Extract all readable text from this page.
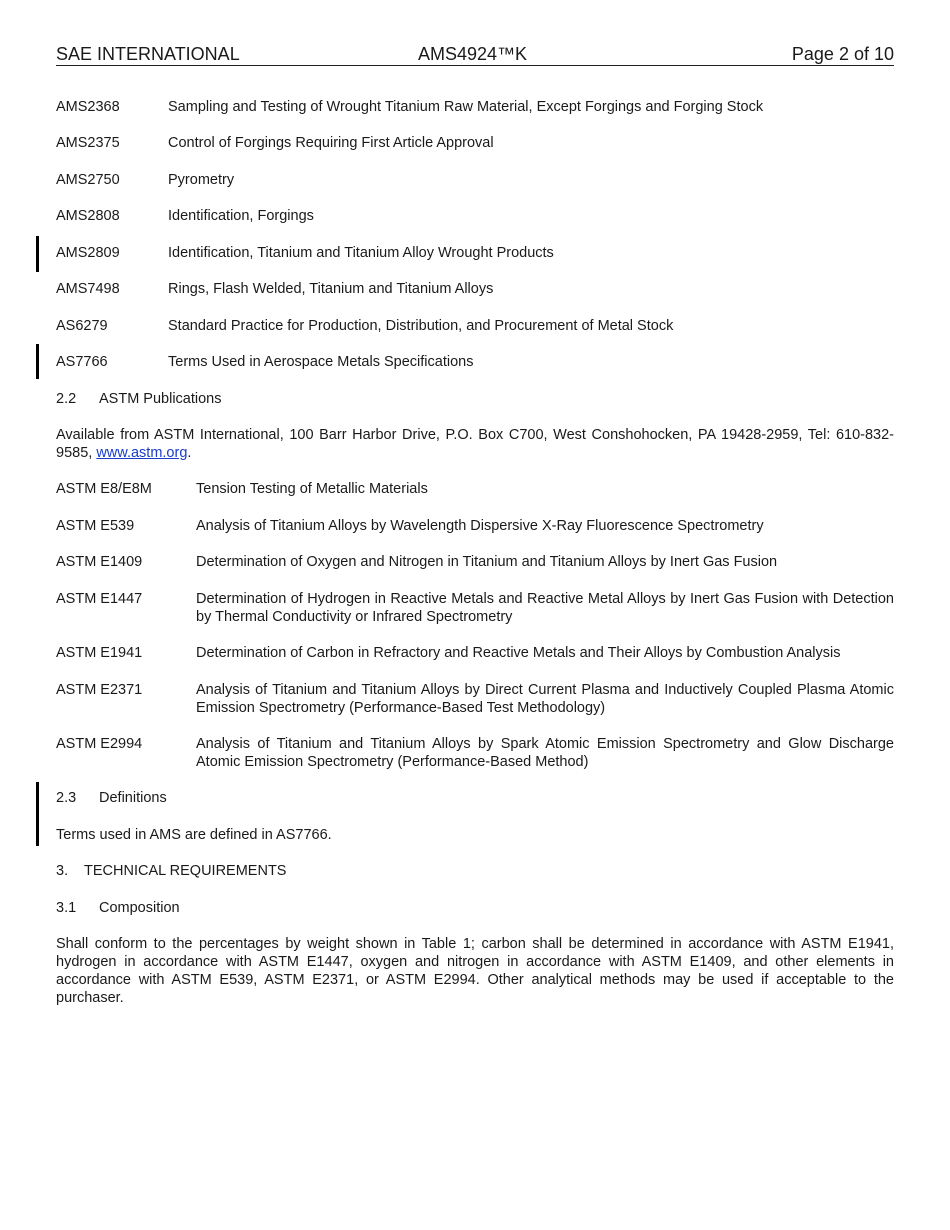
SAE INTERNATIONAL	AMS4924™K	Page 2 of 10

AMS2368	Sampling and Testing of Wrought Titanium Raw Material, Except Forgings and Forging Stock

AMS2375	Control of Forgings Requiring First Article Approval

AMS2750	Pyrometry

AMS2808	Identification, Forgings

AMS2809	Identification, Titanium and Titanium Alloy Wrought Products

AMS7498	Rings, Flash Welded, Titanium and Titanium Alloys

AS6279	Standard Practice for Production, Distribution, and Procurement of Metal Stock

AS7766	Terms Used in Aerospace Metals Specifications

2.2 ASTM Publications

Available from ASTM International, 100 Barr Harbor Drive, P.O. Box C700, West Conshohocken, PA 19428-2959, Tel: 610-832-9585, www.astm.org.

ASTM E8/E8M	Tension Testing of Metallic Materials

ASTM E539	Analysis of Titanium Alloys by Wavelength Dispersive X-Ray Fluorescence Spectrometry

ASTM E1409	Determination of Oxygen and Nitrogen in Titanium and Titanium Alloys by Inert Gas Fusion

ASTM E1447	Determination of Hydrogen in Reactive Metals and Reactive Metal Alloys by Inert Gas Fusion with Detection by Thermal Conductivity or Infrared Spectrometry

ASTM E1941	Determination of Carbon in Refractory and Reactive Metals and Their Alloys by Combustion Analysis

ASTM E2371	Analysis of Titanium and Titanium Alloys by Direct Current Plasma and Inductively Coupled Plasma Atomic Emission Spectrometry (Performance-Based Test Methodology)

ASTM E2994	Analysis of Titanium and Titanium Alloys by Spark Atomic Emission Spectrometry and Glow Discharge Atomic Emission Spectrometry (Performance-Based Method)

2.3 Definitions

Terms used in AMS are defined in AS7766.

3. TECHNICAL REQUIREMENTS

3.1 Composition

Shall conform to the percentages by weight shown in Table 1; carbon shall be determined in accordance with ASTM E1941, hydrogen in accordance with ASTM E1447, oxygen and nitrogen in accordance with ASTM E1409, and other elements in accordance with ASTM E539, ASTM E2371, or ASTM E2994. Other analytical methods may be used if acceptable to the purchaser.
